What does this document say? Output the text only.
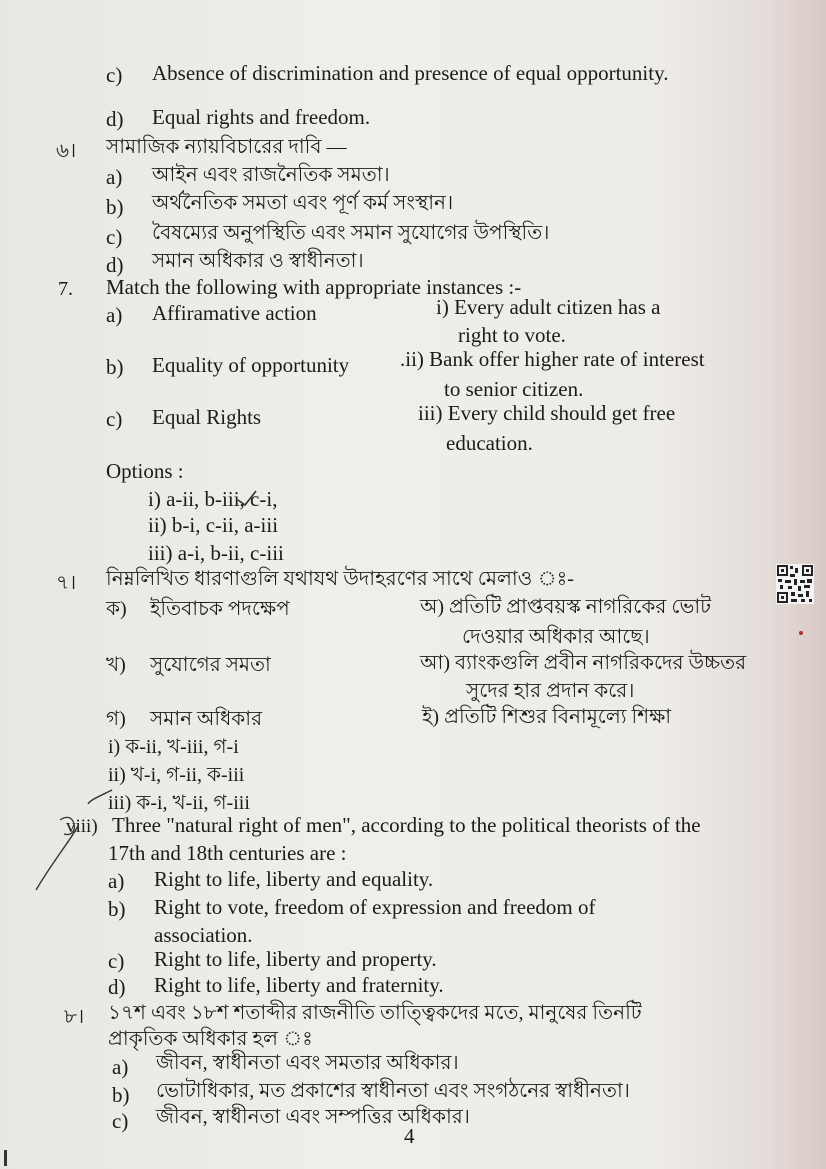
c) Absence of discrimination and presence of equal opportunity.
d) Equal rights and freedom.
৬। সামাজিক ন্যায়বিচারের দাবি —
a) আইন এবং রাজনৈতিক সমতা।
b) অর্থনৈতিক সমতা এবং পূর্ণ কর্ম সংস্থান।
c) বৈষম্যের অনুপস্থিতি এবং সমান সুযোগের উপস্থিতি।
d) সমান অধিকার ও স্বাধীনতা।
7. Match the following with appropriate instances :-
a) Affiramative action	i) Every adult citizen has a
right to vote.
b) Equality of opportunity .ii) Bank offer higher rate of interest
to senior citizen.
c) Equal Rights	iii) Every child should get free
education.
Options :
i) a-ii, b-iii, c-i,
ii) b-i, c-ii, a-iii
iii) a-i, b-ii, c-iii
৭। নিম্নলিখিত ধারণাগুলি যথাযথ উদাহরণের সাথে মেলাও ঃ-
ক) ইতিবাচক পদক্ষেপ	অ) প্রতিটি প্রাপ্তবয়স্ক নাগরিকের ভোট
দেওয়ার অধিকার আছে।
খ) সুযোগের সমতা	আ) ব্যাংকগুলি প্রবীন নাগরিকদের উচ্চতর
সুদের হার প্রদান করে।
গ) সমান অধিকার	ই) প্রতিটি শিশুর বিনামূল্যে শিক্ষা
i) ক-ii, খ-iii, গ-i
ii) খ-i, গ-ii, ক-iii
iii) ক-i, খ-ii, গ-iii
viii) Three "natural right of men", according to the political theorists of the
17th and 18th centuries are :
a) Right to life, liberty and equality.
b) Right to vote, freedom of expression and freedom of
association.
c) Right to life, liberty and property.
d) Right to life, liberty and fraternity.
৮। ১৭শ এবং ১৮শ শতাব্দীর রাজনীতি তাত্ত্বিকদের মতে, মানুষের তিনটি
প্রাকৃতিক অধিকার হল ঃ
a) জীবন, স্বাধীনতা এবং সমতার অধিকার।
b) ভোটাধিকার, মত প্রকাশের স্বাধীনতা এবং সংগঠনের স্বাধীনতা।
c) জীবন, স্বাধীনতা এবং সম্পত্তির অধিকার।
4
